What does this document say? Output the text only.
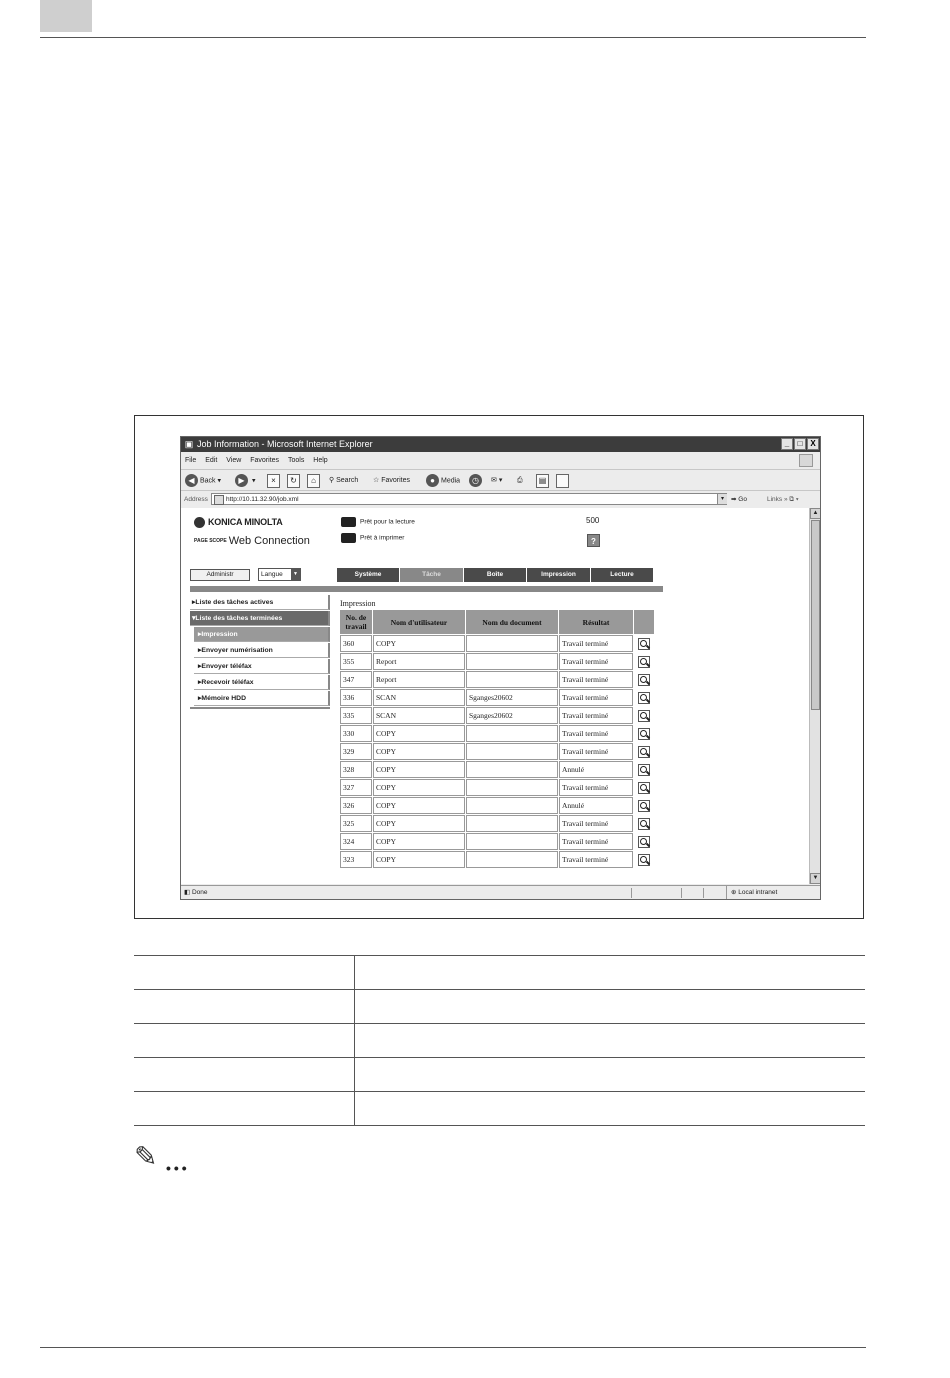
▣ Job Information - Microsoft Internet Explorer	_	□ X
File Edit View Favorites Tools Help
◀ Back ▾	▶ ▾	×	↻	⌂	⚲ Search ☆ Favorites	● Media	◷	✉ ▾ ⎙	▤
Address	http://10.11.32.90/job.xml	▾	➡ Go	Links » ⧉ ▾
KONICA MINOLTA
PAGE SCOPE Web Connection
Prêt pour la lecture
Prêt à imprimer
500
?
Administr	Langue	▼	Système	Tâche	Boîte	Impression	Lecture
▸Liste des tâches actives
▾Liste des tâches terminées
▸Impression
▸Envoyer numérisation
▸Envoyer téléfax
▸Recevoir téléfax
▸Mémoire HDD
Impression
No. de travail	Nom d'utilisateur	Nom du document	Résultat	
360	COPY		Travail terminé	
355	Report		Travail terminé	
347	Report		Travail terminé	
336	SCAN	Sganges20602	Travail terminé	
335	SCAN	Sganges20602	Travail terminé	
330	COPY		Travail terminé	
329	COPY		Travail terminé	
328	COPY		Annulé	
327	COPY		Travail terminé	
326	COPY		Annulé	
325	COPY		Travail terminé	
324	COPY		Travail terminé	
323	COPY		Travail terminé	
▲
▼
◧ Done	⊕ Local intranet
✎ •••
